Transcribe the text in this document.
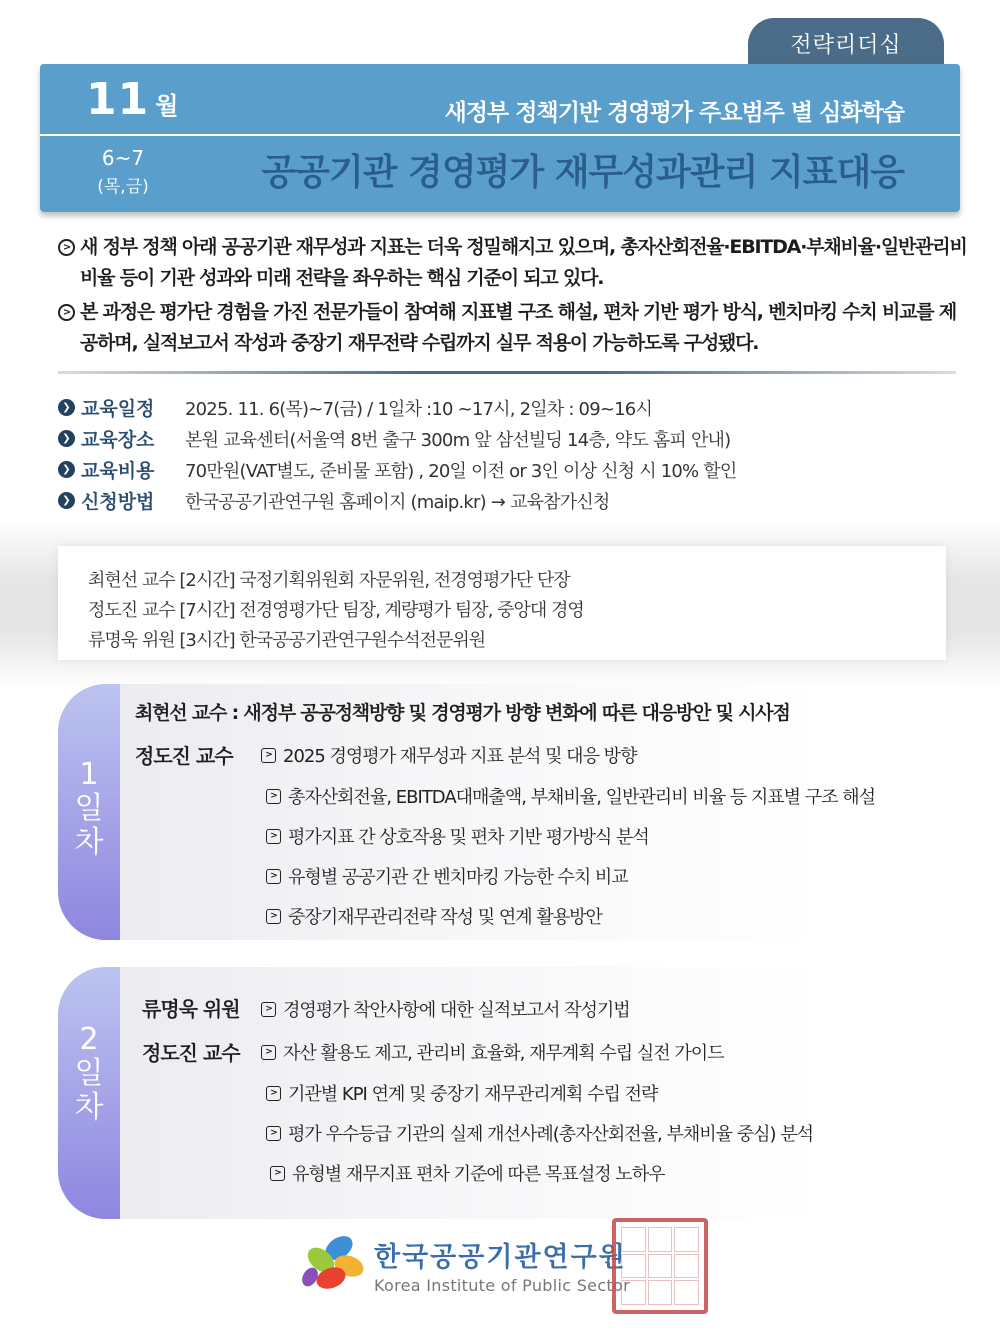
전략리더십
11 월
6~7
(목,금)
새정부 정책기반 경영평가 주요범주 별 심화학습
공공기관 경영평가 재무성과관리 지표대응
> 새 정부 정책 아래 공공기관 재무성과 지표는 더욱 정밀해지고 있으며, 총자산회전율·EBITDA·부채비율·일반관리비 비율 등이 기관 성과와 미래 전략을 좌우하는 핵심 기준이 되고 있다.
> 본 과정은 평가단 경험을 가진 전문가들이 참여해 지표별 구조 해설, 편차 기반 평가 방식, 벤치마킹 수치 비교를 제공하며, 실적보고서 작성과 중장기 재무전략 수립까지 실무 적용이 가능하도록 구성됐다.
❯ 교육일정	2025. 11. 6(목)~7(금) / 1일차 :10 ~17시, 2일차 : 09~16시
❯ 교육장소	본원 교육센터(서울역 8번 출구 300m 앞 삼선빌딩 14층, 약도 홈피 안내)
❯ 교육비용	70만원(VAT별도, 준비물 포함) , 20일 이전 or 3인 이상 신청 시 10% 할인
❯ 신청방법	한국공공기관연구원 홈페이지 (maip.kr) → 교육참가신청
최현선 교수 [2시간] 국정기획위원회 자문위원, 전경영평가단 단장
정도진 교수 [7시간] 전경영평가단 팀장, 계량평가 팀장, 중앙대 경영
류명욱 위원 [3시간] 한국공공기관연구원수석전문위원
1
일
차
최현선 교수 : 새정부 공공정책방향 및 경영평가 방향 변화에 따른 대응방안 및 시사점
정도진 교수	> 2025 경영평가 재무성과 지표 분석 및 대응 방향
> 총자산회전율, EBITDA대매출액, 부채비율, 일반관리비 비율 등 지표별 구조 해설
> 평가지표 간 상호작용 및 편차 기반 평가방식 분석
> 유형별 공공기관 간 벤치마킹 가능한 수치 비교
> 중장기재무관리전략 작성 및 연계 활용방안
2
일
차
류명욱 위원	> 경영평가 착안사항에 대한 실적보고서 작성기법
정도진 교수	> 자산 활용도 제고, 관리비 효율화, 재무계획 수립 실전 가이드
> 기관별 KPI 연계 및 중장기 재무관리계획 수립 전략
> 평가 우수등급 기관의 실제 개선사례(총자산회전율, 부채비율 중심) 분석
> 유형별 재무지표 편차 기준에 따른 목표설정 노하우
한국공공기관연구원
Korea Institute of Public Sector
